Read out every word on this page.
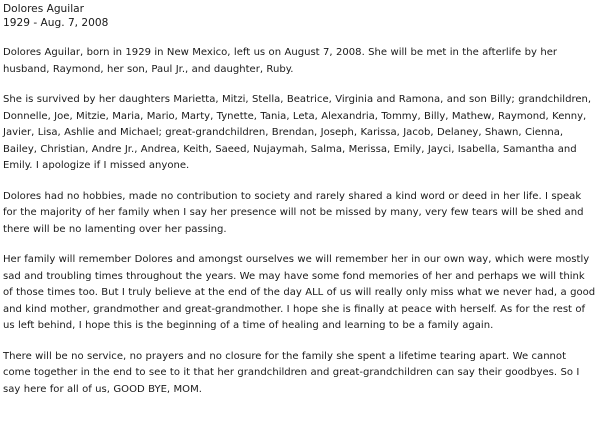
Dolores Aguilar
1929 - Aug. 7, 2008

Dolores Aguilar, born in 1929 in New Mexico, left us on August 7, 2008. She will be met in the afterlife by her husband, Raymond, her son, Paul Jr., and daughter, Ruby.

She is survived by her daughters Marietta, Mitzi, Stella, Beatrice, Virginia and Ramona, and son Billy; grandchildren, Donnelle, Joe, Mitzie, Maria, Mario, Marty, Tynette, Tania, Leta, Alexandria, Tommy, Billy, Mathew, Raymond, Kenny, Javier, Lisa, Ashlie and Michael; great-grandchildren, Brendan, Joseph, Karissa, Jacob, Delaney, Shawn, Cienna, Bailey, Christian, Andre Jr., Andrea, Keith, Saeed, Nujaymah, Salma, Merissa, Emily, Jayci, Isabella, Samantha and Emily. I apologize if I missed anyone.

Dolores had no hobbies, made no contribution to society and rarely shared a kind word or deed in her life. I speak for the majority of her family when I say her presence will not be missed by many, very few tears will be shed and there will be no lamenting over her passing.

Her family will remember Dolores and amongst ourselves we will remember her in our own way, which were mostly sad and troubling times throughout the years. We may have some fond memories of her and perhaps we will think of those times too. But I truly believe at the end of the day ALL of us will really only miss what we never had, a good and kind mother, grandmother and great-grandmother. I hope she is finally at peace with herself. As for the rest of us left behind, I hope this is the beginning of a time of healing and learning to be a family again.

There will be no service, no prayers and no closure for the family she spent a lifetime tearing apart. We cannot come together in the end to see to it that her grandchildren and great-grandchildren can say their goodbyes. So I say here for all of us, GOOD BYE, MOM.
